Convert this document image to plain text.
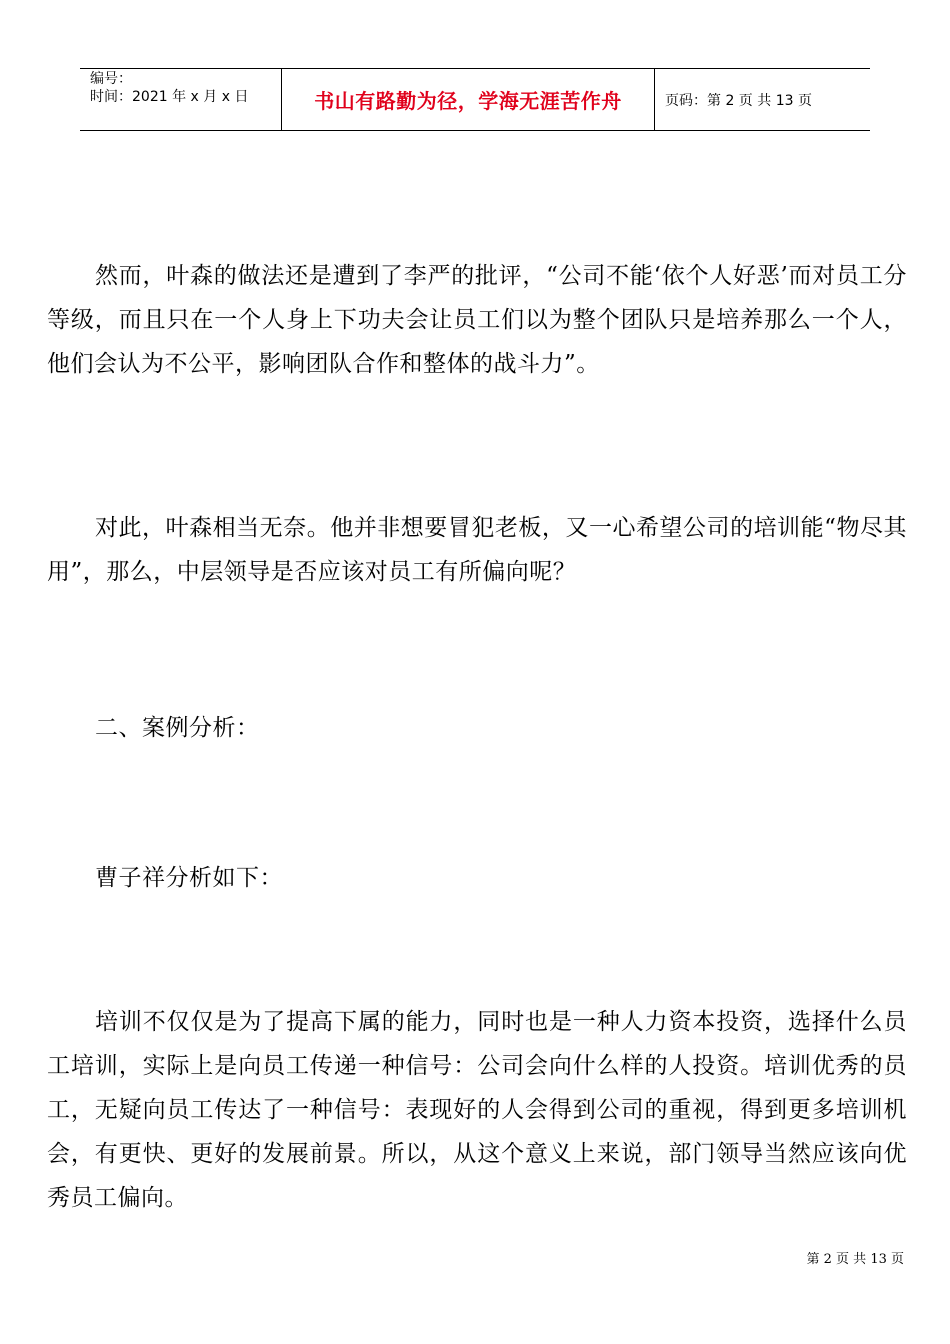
编号：
时间：2021 年 x 月 x 日	书山有路勤为径，学海无涯苦作舟	页码：第 2 页 共 13 页
然而，叶森的做法还是遭到了李严的批评，“公司不能‘依个人好恶’而对员工分等级，而且只在一个人身上下功夫会让员工们以为整个团队只是培养那么一个人，他们会认为不公平，影响团队合作和整体的战斗力”。
对此，叶森相当无奈。他并非想要冒犯老板，又一心希望公司的培训能“物尽其用”，那么，中层领导是否应该对员工有所偏向呢？
二、案例分析：
曹子祥分析如下：
培训不仅仅是为了提高下属的能力，同时也是一种人力资本投资，选择什么员工培训，实际上是向员工传递一种信号：公司会向什么样的人投资。培训优秀的员工，无疑向员工传达了一种信号：表现好的人会得到公司的重视，得到更多培训机会，有更快、更好的发展前景。所以，从这个意义上来说，部门领导当然应该向优秀员工偏向。
第 2 页 共 13 页
